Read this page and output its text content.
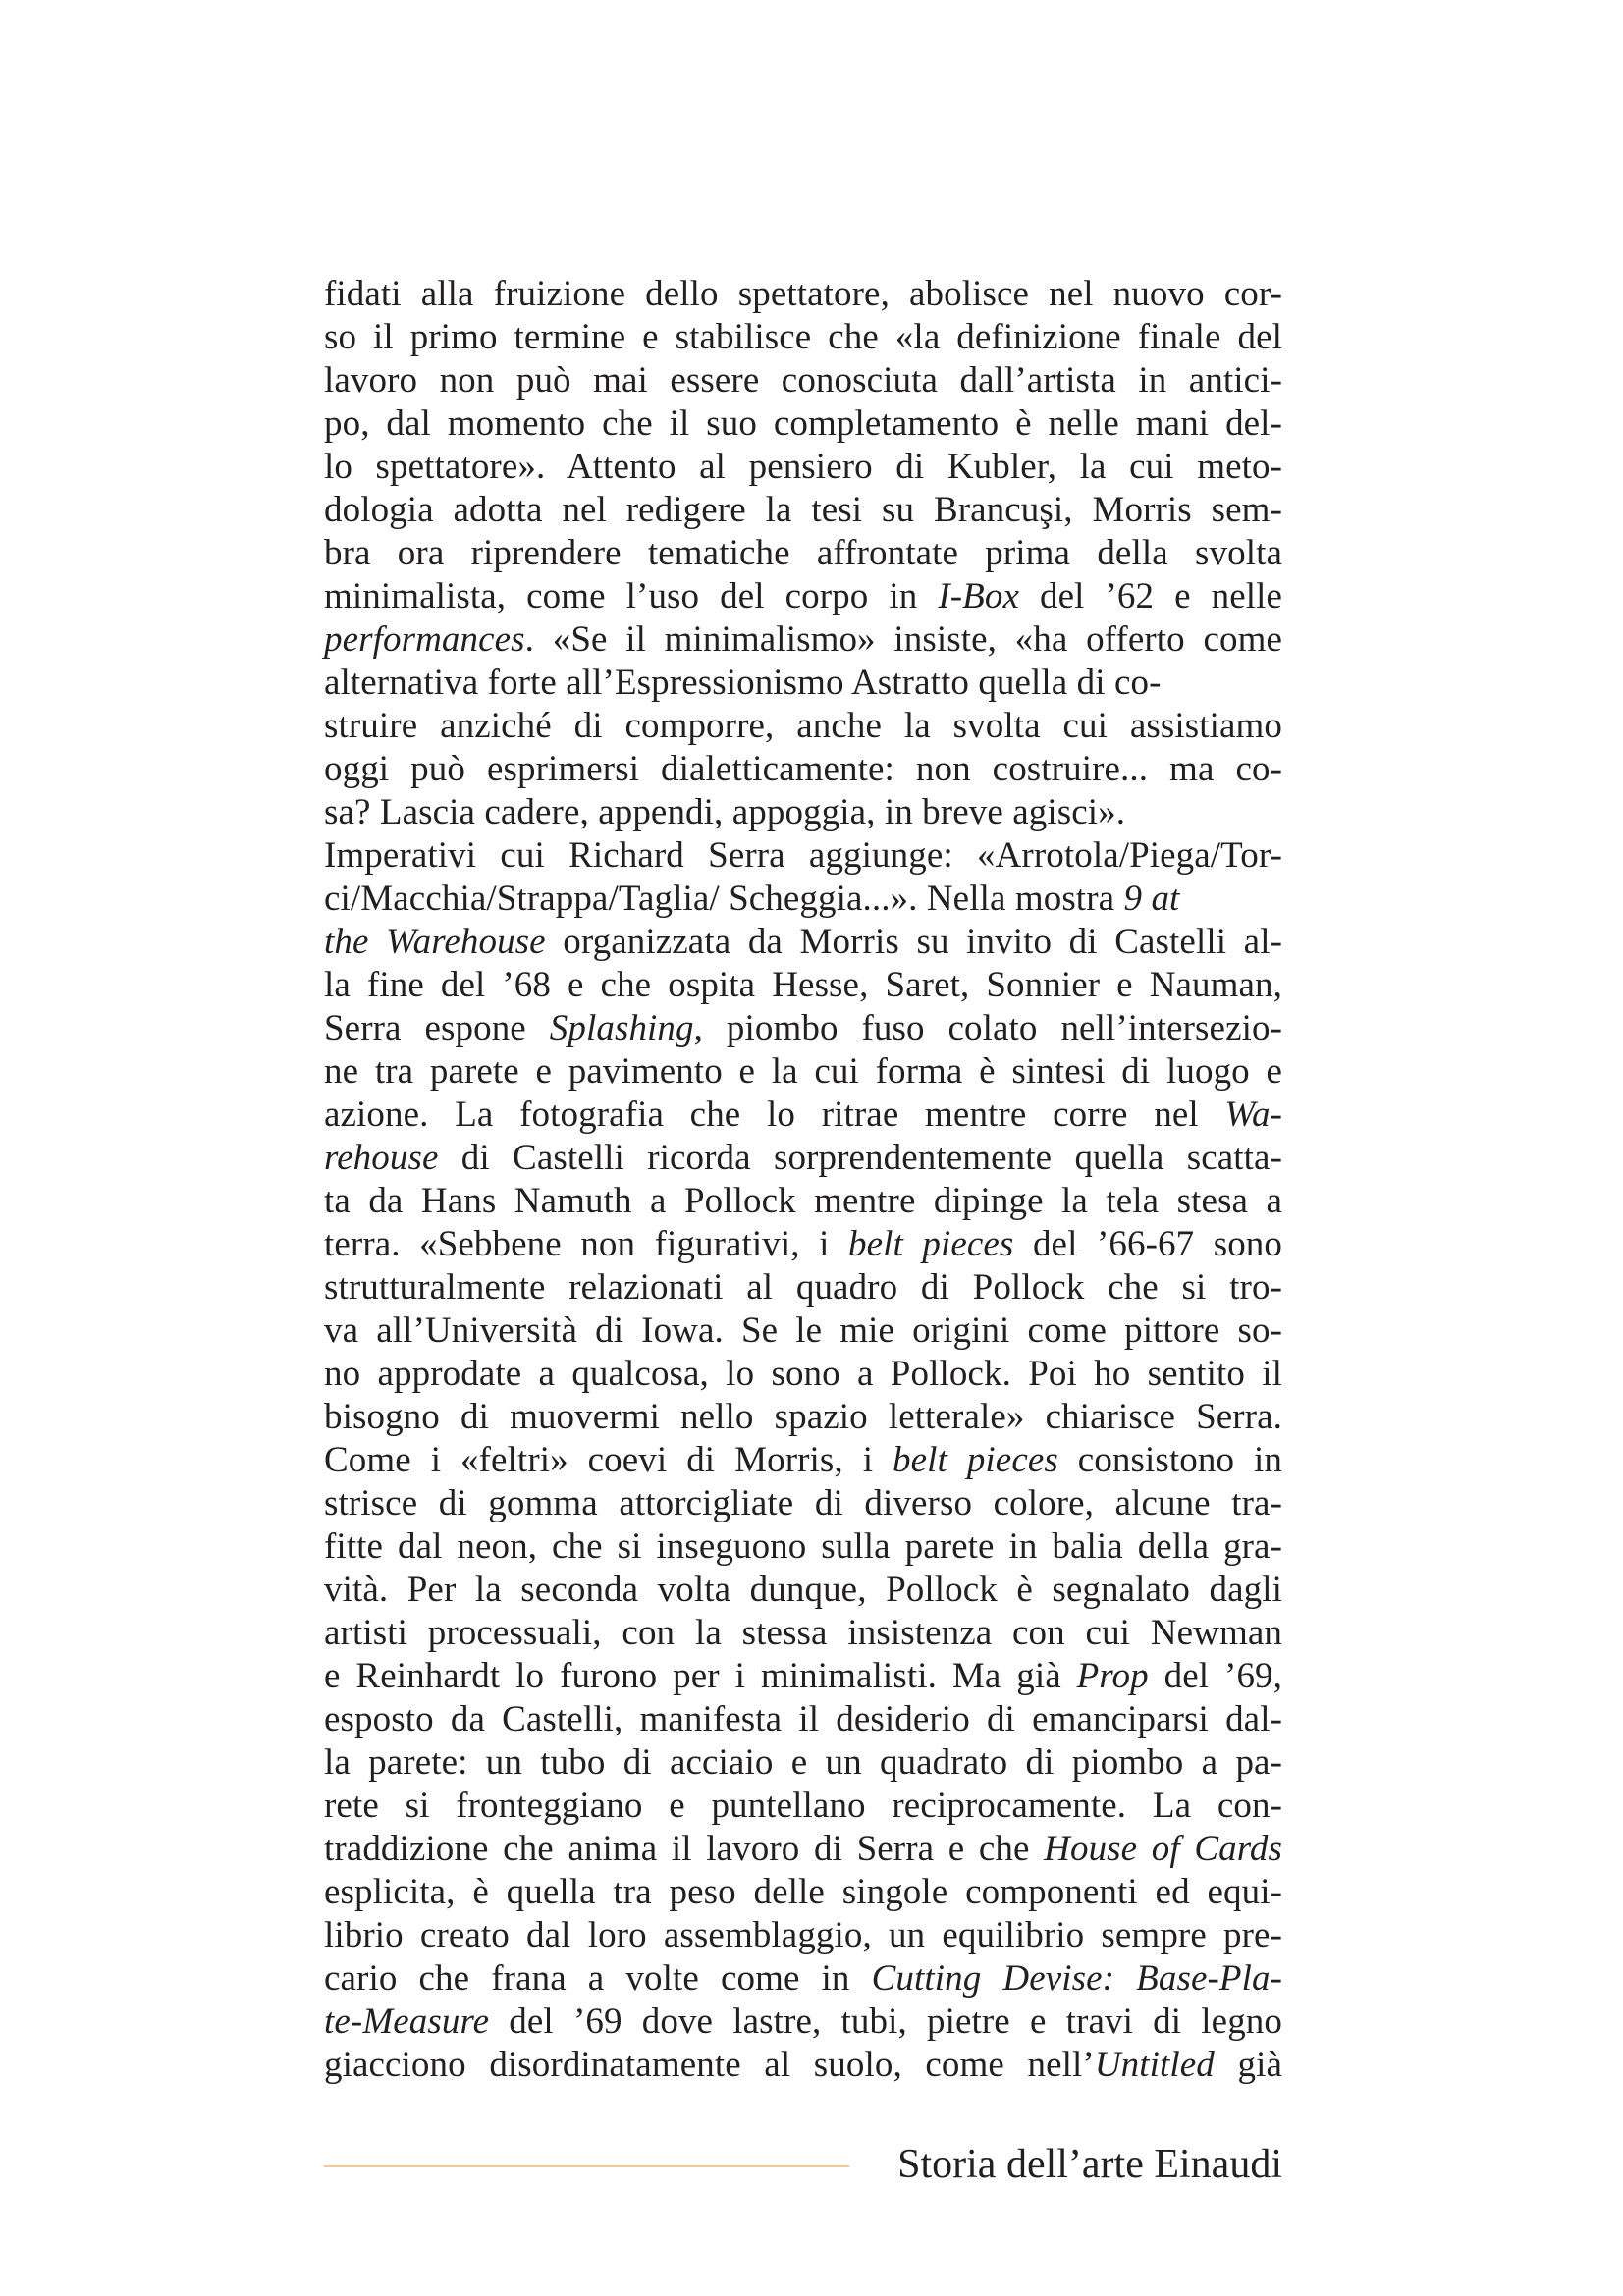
fidati alla fruizione dello spettatore, abolisce nel nuovo cor-
so il primo termine e stabilisce che «la definizione finale del
lavoro non può mai essere conosciuta dall’artista in antici-
po, dal momento che il suo completamento è nelle mani del-
lo spettatore». Attento al pensiero di Kubler, la cui meto-
dologia adotta nel redigere la tesi su Brancuşi, Morris sem-
bra ora riprendere tematiche affrontate prima della svolta
minimalista, come l’uso del corpo in I-Box del ’62 e nelle
performances. «Se il minimalismo» insiste, «ha offerto come
alternativa forte all’Espressionismo Astratto quella di co-
struire anziché di comporre, anche la svolta cui assistiamo
oggi può esprimersi dialetticamente: non costruire... ma co-
sa? Lascia cadere, appendi, appoggia, in breve agisci».
Imperativi cui Richard Serra aggiunge: «Arrotola/Piega/Tor-
ci/Macchia/Strappa/Taglia/ Scheggia...». Nella mostra 9 at
the Warehouse organizzata da Morris su invito di Castelli al-
la fine del ’68 e che ospita Hesse, Saret, Sonnier e Nauman,
Serra espone Splashing, piombo fuso colato nell’intersezio-
ne tra parete e pavimento e la cui forma è sintesi di luogo e
azione. La fotografia che lo ritrae mentre corre nel Wa-
rehouse di Castelli ricorda sorprendentemente quella scatta-
ta da Hans Namuth a Pollock mentre dipinge la tela stesa a
terra. «Sebbene non figurativi, i belt pieces del ’66-67 sono
strutturalmente relazionati al quadro di Pollock che si tro-
va all’Università di Iowa. Se le mie origini come pittore so-
no approdate a qualcosa, lo sono a Pollock. Poi ho sentito il
bisogno di muovermi nello spazio letterale» chiarisce Serra.
Come i «feltri» coevi di Morris, i belt pieces consistono in
strisce di gomma attorcigliate di diverso colore, alcune tra-
fitte dal neon, che si inseguono sulla parete in balia della gra-
vità. Per la seconda volta dunque, Pollock è segnalato dagli
artisti processuali, con la stessa insistenza con cui Newman
e Reinhardt lo furono per i minimalisti. Ma già Prop del ’69,
esposto da Castelli, manifesta il desiderio di emanciparsi dal-
la parete: un tubo di acciaio e un quadrato di piombo a pa-
rete si fronteggiano e puntellano reciprocamente. La con-
traddizione che anima il lavoro di Serra e che House of Cards
esplicita, è quella tra peso delle singole componenti ed equi-
librio creato dal loro assemblaggio, un equilibrio sempre pre-
cario che frana a volte come in Cutting Devise: Base-Pla-
te-Measure del ’69 dove lastre, tubi, pietre e travi di legno
giacciono disordinatamente al suolo, come nell’Untitled già
Storia dell’arte Einaudi
